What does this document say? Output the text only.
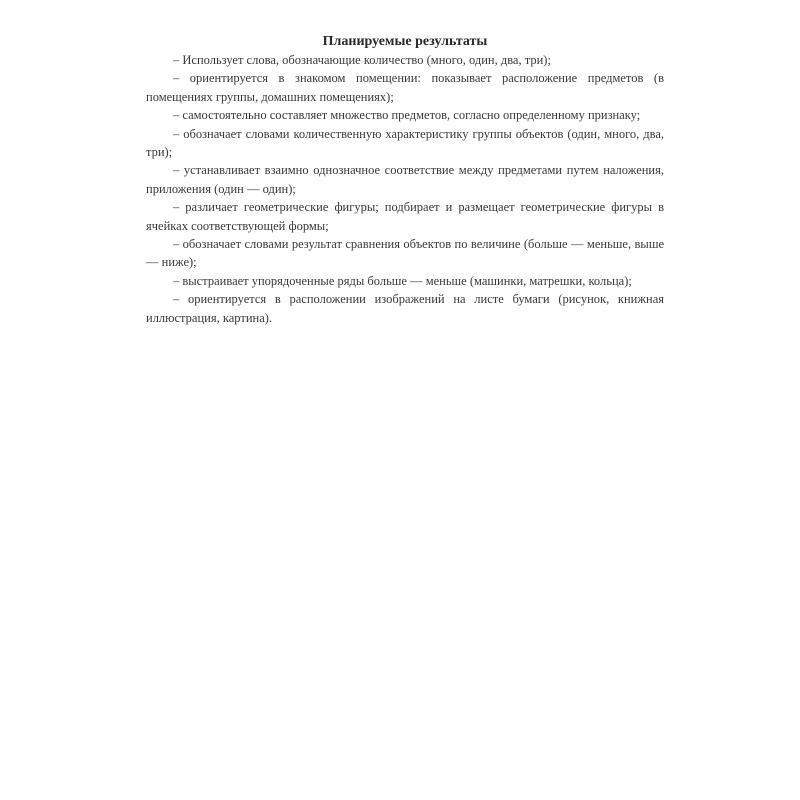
Планируемые результаты

– Использует слова, обозначающие количество (много, один, два, три);

– ориентируется в знакомом помещении: показывает расположение предметов (в помещениях группы, домашних помещениях);

– самостоятельно составляет множество предметов, согласно определенному признаку;

– обозначает словами количественную характеристику группы объектов (один, много, два, три);

– устанавливает взаимно однозначное соответствие между предметами путем наложения, приложения (один — один);

– различает геометрические фигуры; подбирает и размещает геометрические фигуры в ячейках соответствующей формы;

– обозначает словами результат сравнения объектов по величине (больше — меньше, выше — ниже);

– выстраивает упорядоченные ряды больше — меньше (машинки, матрешки, кольца);

– ориентируется в расположении изображений на листе бумаги (рисунок, книжная иллюстрация, картина).
